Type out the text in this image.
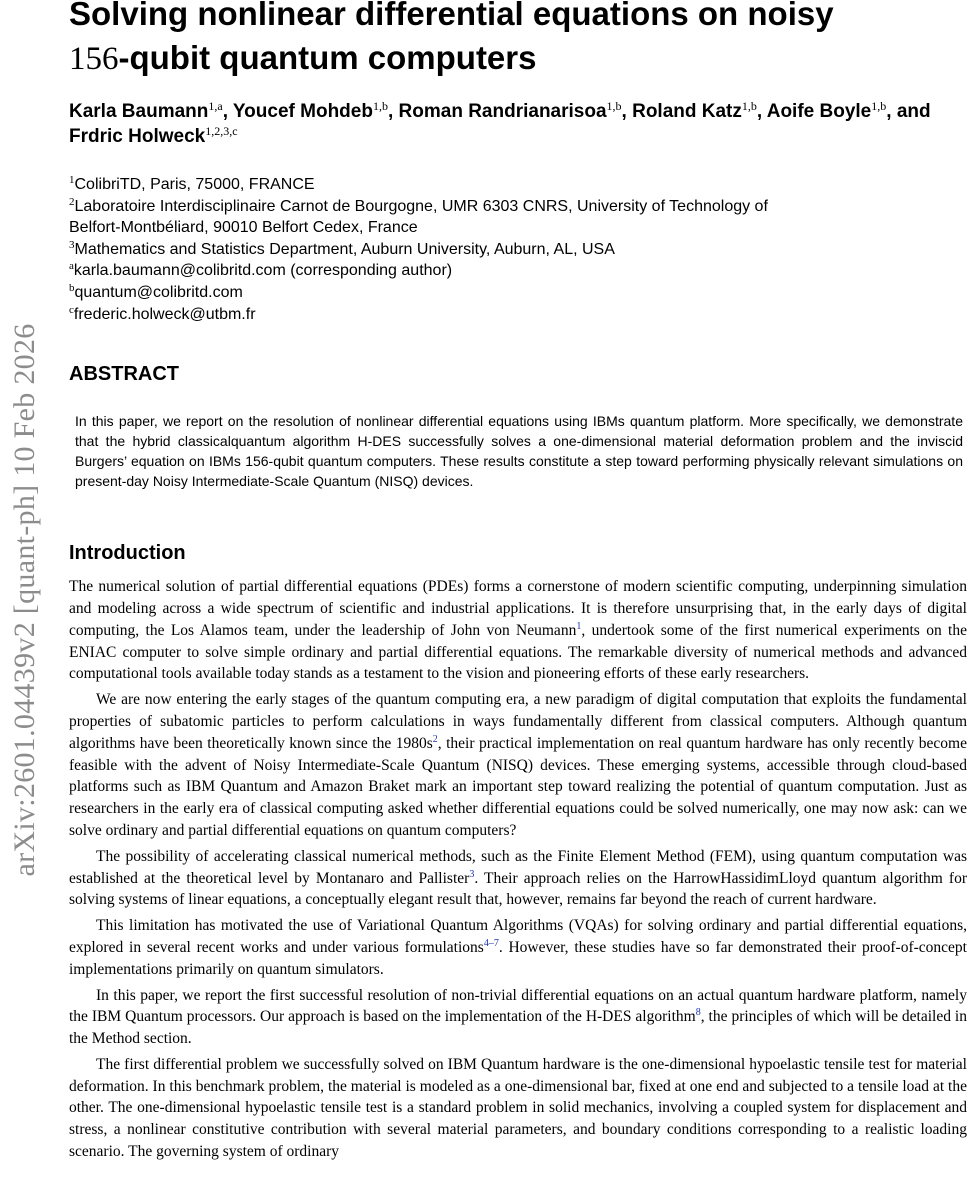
arXiv:2601.04439v2 [quant-ph] 10 Feb 2026
Solving nonlinear differential equations on noisy
156-qubit quantum computers
Karla Baumann$^{1,a}$, Youcef Mohdeb$^{1,b}$, Roman Randrianarisoa$^{1,b}$, Roland Katz$^{1,b}$, Aoife Boyle$^{1,b}$, and Frdric Holweck$^{1,2,3,c}$
$^1$ColibriTD, Paris, 75000, FRANCE
$^2$Laboratoire Interdisciplinaire Carnot de Bourgogne, UMR 6303 CNRS, University of Technology of
Belfort-Montbéliard, 90010 Belfort Cedex, France
$^3$Mathematics and Statistics Department, Auburn University, Auburn, AL, USA
$^a$karla.baumann@colibritd.com (corresponding author)
$^b$quantum@colibritd.com
$^c$frederic.holweck@utbm.fr
ABSTRACT
In this paper, we report on the resolution of nonlinear differential equations using IBMs quantum platform. More specifically, we demonstrate that the hybrid classicalquantum algorithm H-DES successfully solves a one-dimensional material deformation problem and the inviscid Burgers’ equation on IBMs 156-qubit quantum computers. These results constitute a step toward performing physically relevant simulations on present-day Noisy Intermediate-Scale Quantum (NISQ) devices.
Introduction

The numerical solution of partial differential equations (PDEs) forms a cornerstone of modern scientific computing, underpinning simulation and modeling across a wide spectrum of scientific and industrial applications. It is therefore unsurprising that, in the early days of digital computing, the Los Alamos team, under the leadership of John von Neumann$^1$, undertook some of the first numerical experiments on the ENIAC computer to solve simple ordinary and partial differential equations. The remarkable diversity of numerical methods and advanced computational tools available today stands as a testament to the vision and pioneering efforts of these early researchers.

We are now entering the early stages of the quantum computing era, a new paradigm of digital computation that exploits the fundamental properties of subatomic particles to perform calculations in ways fundamentally different from classical computers. Although quantum algorithms have been theoretically known since the 1980s$^2$, their practical implementation on real quantum hardware has only recently become feasible with the advent of Noisy Intermediate-Scale Quantum (NISQ) devices. These emerging systems, accessible through cloud-based platforms such as IBM Quantum and Amazon Braket mark an important step toward realizing the potential of quantum computation. Just as researchers in the early era of classical computing asked whether differential equations could be solved numerically, one may now ask: can we solve ordinary and partial differential equations on quantum computers?

The possibility of accelerating classical numerical methods, such as the Finite Element Method (FEM), using quantum computation was established at the theoretical level by Montanaro and Pallister$^3$. Their approach relies on the HarrowHassidimLloyd quantum algorithm for solving systems of linear equations, a conceptually elegant result that, however, remains far beyond the reach of current hardware.

This limitation has motivated the use of Variational Quantum Algorithms (VQAs) for solving ordinary and partial differential equations, explored in several recent works and under various formulations$^{4-7}$. However, these studies have so far demonstrated their proof-of-concept implementations primarily on quantum simulators.

In this paper, we report the first successful resolution of non-trivial differential equations on an actual quantum hardware platform, namely the IBM Quantum processors. Our approach is based on the implementation of the H-DES algorithm$^8$, the principles of which will be detailed in the Method section.

The first differential problem we successfully solved on IBM Quantum hardware is the one-dimensional hypoelastic tensile test for material deformation. In this benchmark problem, the material is modeled as a one-dimensional bar, fixed at one end and subjected to a tensile load at the other. The one-dimensional hypoelastic tensile test is a standard problem in solid mechanics, involving a coupled system for displacement and stress, a nonlinear constitutive contribution with several material parameters, and boundary conditions corresponding to a realistic loading scenario. The governing system of ordinary
